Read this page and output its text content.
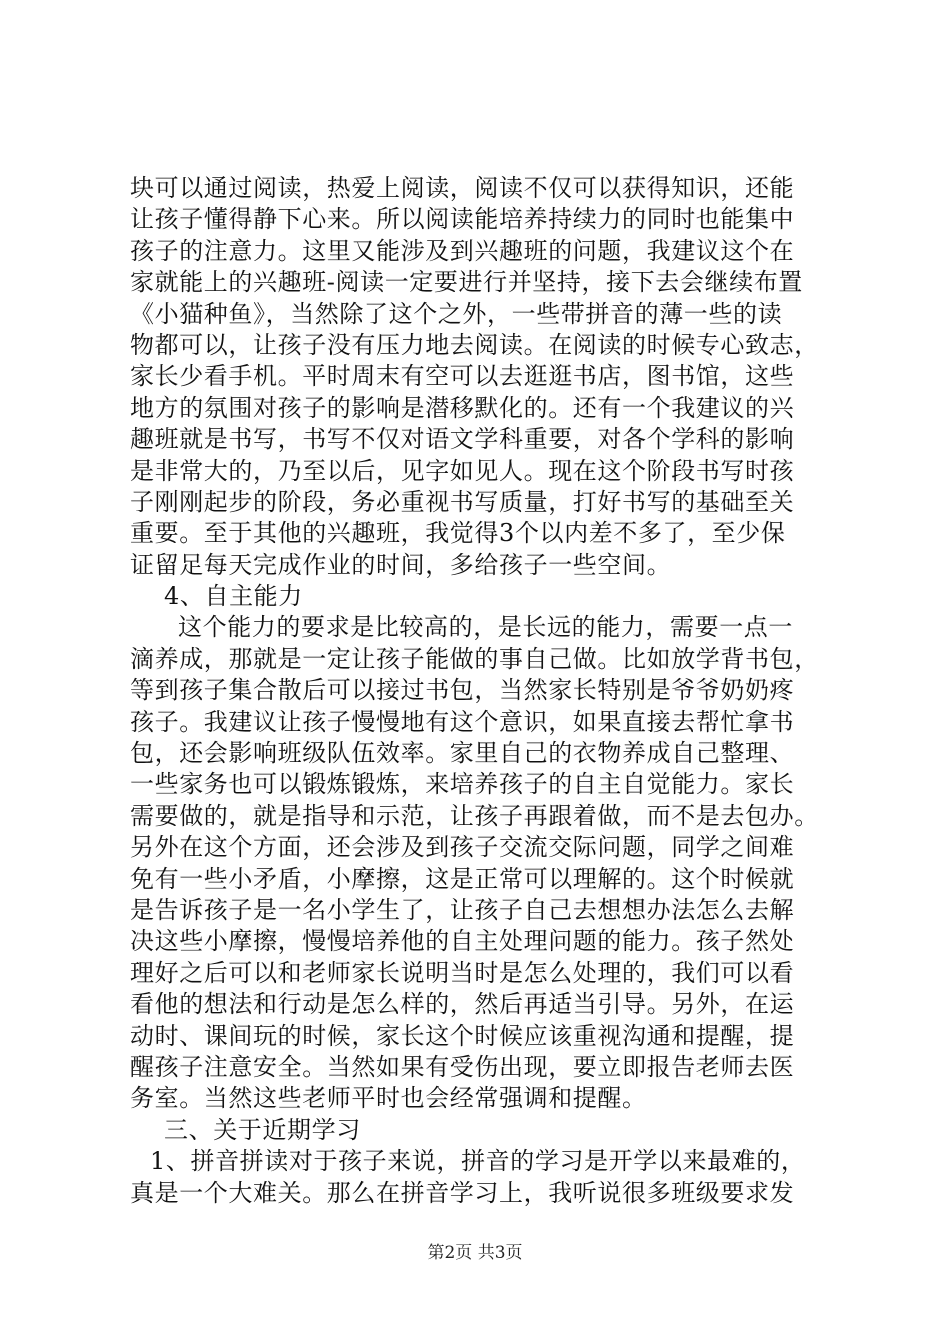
块可以通过阅读，热爱上阅读，阅读不仅可以获得知识，还能
让孩子懂得静下心来。所以阅读能培养持续力的同时也能集中
孩子的注意力。这里又能涉及到兴趣班的问题，我建议这个在
家就能上的兴趣班-阅读一定要进行并坚持，接下去会继续布置
《小猫种鱼》，当然除了这个之外，一些带拼音的薄一些的读
物都可以，让孩子没有压力地去阅读。在阅读的时候专心致志，
家长少看手机。平时周末有空可以去逛逛书店，图书馆，这些
地方的氛围对孩子的影响是潜移默化的。还有一个我建议的兴
趣班就是书写，书写不仅对语文学科重要，对各个学科的影响
是非常大的，乃至以后，见字如见人。现在这个阶段书写时孩
子刚刚起步的阶段，务必重视书写质量，打好书写的基础至关
重要。至于其他的兴趣班，我觉得3个以内差不多了，至少保
证留足每天完成作业的时间，多给孩子一些空间。
4、自主能力
这个能力的要求是比较高的，是长远的能力，需要一点一
滴养成，那就是一定让孩子能做的事自己做。比如放学背书包，
等到孩子集合散后可以接过书包，当然家长特别是爷爷奶奶疼
孩子。我建议让孩子慢慢地有这个意识，如果直接去帮忙拿书
包，还会影响班级队伍效率。家里自己的衣物养成自己整理、
一些家务也可以锻炼锻炼，来培养孩子的自主自觉能力。家长
需要做的，就是指导和示范，让孩子再跟着做，而不是去包办。
另外在这个方面，还会涉及到孩子交流交际问题，同学之间难
免有一些小矛盾，小摩擦，这是正常可以理解的。这个时候就
是告诉孩子是一名小学生了，让孩子自己去想想办法怎么去解
决这些小摩擦，慢慢培养他的自主处理问题的能力。孩子然处
理好之后可以和老师家长说明当时是怎么处理的，我们可以看
看他的想法和行动是怎么样的，然后再适当引导。另外，在运
动时、课间玩的时候，家长这个时候应该重视沟通和提醒，提
醒孩子注意安全。当然如果有受伤出现，要立即报告老师去医
务室。当然这些老师平时也会经常强调和提醒。
三、关于近期学习
1、拼音拼读对于孩子来说，拼音的学习是开学以来最难的，
真是一个大难关。那么在拼音学习上，我听说很多班级要求发
第2页 共3页
